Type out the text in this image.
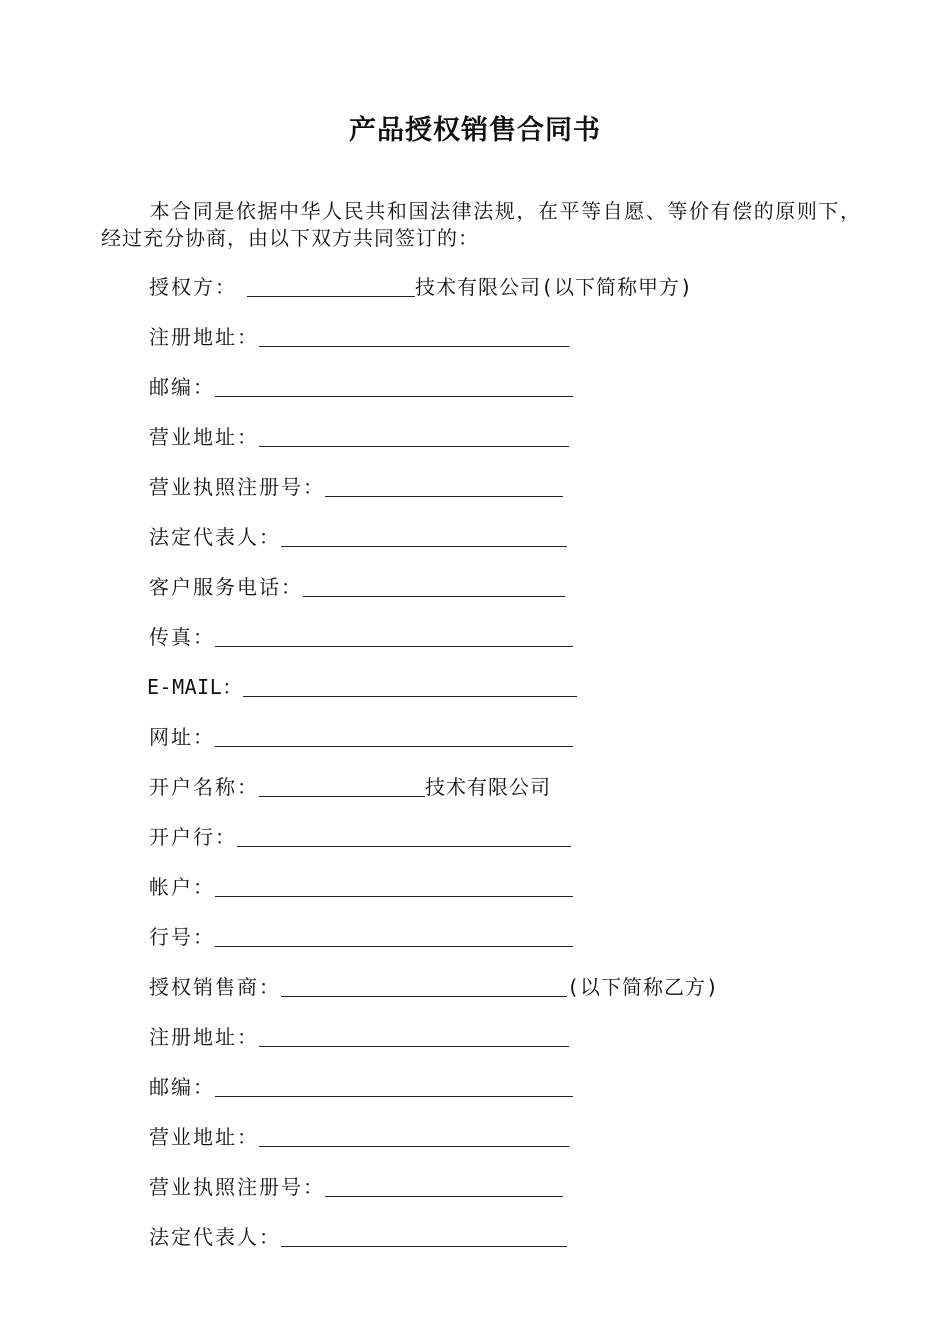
产品授权销售合同书

本合同是依据中华人民共和国法律法规，在平等自愿、等价有偿的原则下，经过充分协商，由以下双方共同签订的：

授权方：	技术有限公司(以下简称甲方)
注册地址：
邮编：
营业地址：
营业执照注册号：
法定代表人：
客户服务电话：
传真：
E-MAIL：
网址：
开户名称：	技术有限公司
开户行：
帐户：
行号：
授权销售商：	(以下简称乙方)
注册地址：
邮编：
营业地址：
营业执照注册号：
法定代表人：
